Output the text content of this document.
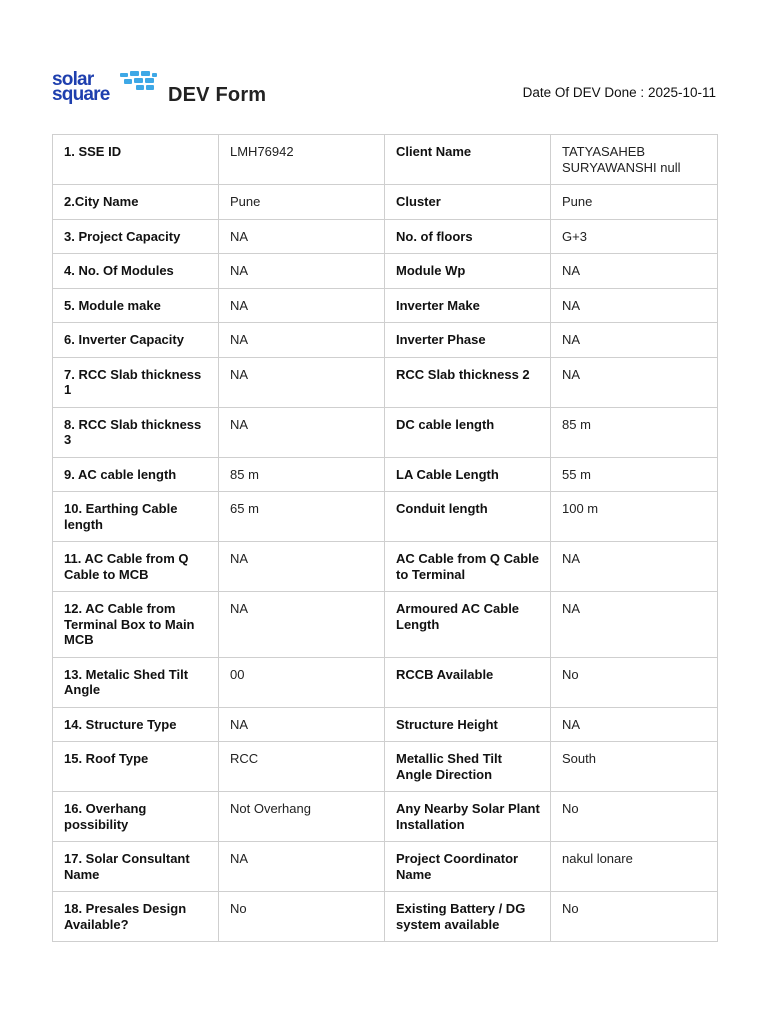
solar
square	DEV Form	Date Of DEV Done : 2025-10-11
1. SSE ID	LMH76942	Client Name	TATYASAHEB SURYAWANSHI null
2.City Name	Pune	Cluster	Pune
3. Project Capacity	NA	No. of floors	G+3
4. No. Of Modules	NA	Module Wp	NA
5. Module make	NA	Inverter Make	NA
6. Inverter Capacity	NA	Inverter Phase	NA
7. RCC Slab thickness 1	NA	RCC Slab thickness 2	NA
8. RCC Slab thickness 3	NA	DC cable length	85 m
9. AC cable length	85 m	LA Cable Length	55 m
10. Earthing Cable length	65 m	Conduit length	100 m
11. AC Cable from Q Cable to MCB	NA	AC Cable from Q Cable to Terminal	NA
12. AC Cable from Terminal Box to Main MCB	NA	Armoured AC Cable Length	NA
13. Metalic Shed Tilt Angle	00	RCCB Available	No
14. Structure Type	NA	Structure Height	NA
15. Roof Type	RCC	Metallic Shed Tilt Angle Direction	South
16. Overhang possibility	Not Overhang	Any Nearby Solar Plant Installation	No
17. Solar Consultant Name	NA	Project Coordinator Name	nakul lonare
18. Presales Design Available?	No	Existing Battery / DG system available	No
